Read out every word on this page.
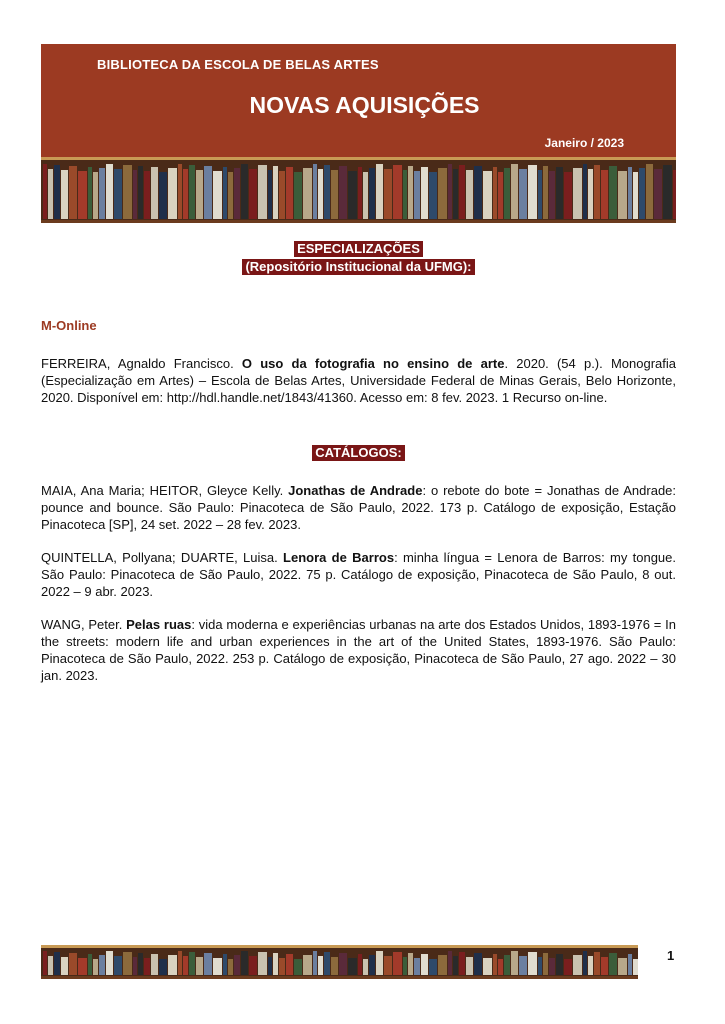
BIBLIOTECA DA ESCOLA DE BELAS ARTES
NOVAS AQUISIÇÕES
Janeiro / 2023
ESPECIALIZAÇÕES
(Repositório Institucional da UFMG):
M-Online

FERREIRA, Agnaldo Francisco. O uso da fotografia no ensino de arte. 2020. (54 p.). Monografia (Especialização em Artes) – Escola de Belas Artes, Universidade Federal de Minas Gerais, Belo Horizonte, 2020. Disponível em: http://hdl.handle.net/1843/41360. Acesso em: 8 fev. 2023. 1 Recurso on-line.

CATÁLOGOS:

MAIA, Ana Maria; HEITOR, Gleyce Kelly. Jonathas de Andrade: o rebote do bote = Jonathas de Andrade: pounce and bounce. São Paulo: Pinacoteca de São Paulo, 2022. 173 p. Catálogo de exposição, Estação Pinacoteca [SP], 24 set. 2022 – 28 fev. 2023.

QUINTELLA, Pollyana; DUARTE, Luisa. Lenora de Barros: minha língua = Lenora de Barros: my tongue. São Paulo: Pinacoteca de São Paulo, 2022. 75 p. Catálogo de exposição, Pinacoteca de São Paulo, 8 out. 2022 – 9 abr. 2023.

WANG, Peter. Pelas ruas: vida moderna e experiências urbanas na arte dos Estados Unidos, 1893-1976 = In the streets: modern life and urban experiences in the art of the United States, 1893-1976. São Paulo: Pinacoteca de São Paulo, 2022. 253 p. Catálogo de exposição, Pinacoteca de São Paulo, 27 ago. 2022 – 30 jan. 2023.

1
